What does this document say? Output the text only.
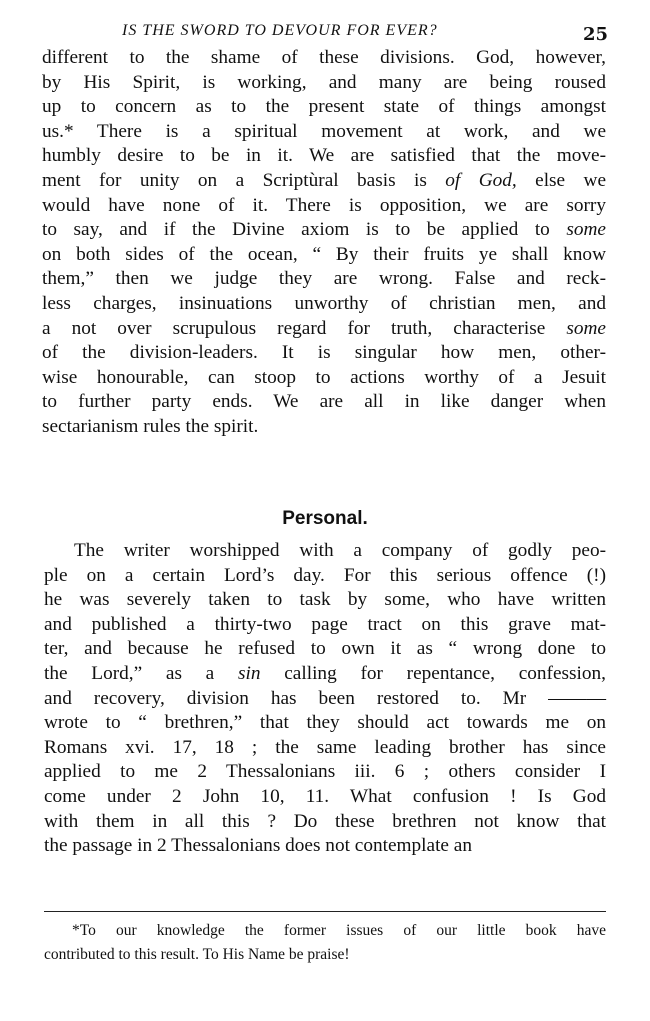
IS THE SWORD TO DEVOUR FOR EVER?	25
different to the shame of these divisions. God, however,
by His Spirit, is working, and many are being roused
up to concern as to the present state of things amongst
us.* There is a spiritual movement at work, and we
humbly desire to be in it. We are satisfied that the move-
ment for unity on a Scriptùral basis is of God, else we
would have none of it. There is opposition, we are sorry
to say, and if the Divine axiom is to be applied to some
on both sides of the ocean, “ By their fruits ye shall know
them,” then we judge they are wrong. False and reck-
less charges, insinuations unworthy of christian men, and
a not over scrupulous regard for truth, characterise some
of the division-leaders. It is singular how men, other-
wise honourable, can stoop to actions worthy of a Jesuit
to further party ends. We are all in like danger when
sectarianism rules the spirit.
Personal.
The writer worshipped with a company of godly peo-
ple on a certain Lord’s day. For this serious offence (!)
he was severely taken to task by some, who have written
and published a thirty-two page tract on this grave mat-
ter, and because he refused to own it as “ wrong done to
the Lord,” as a sin calling for repentance, confession,
and recovery, division has been restored to. Mr ———
wrote to “ brethren,” that they should act towards me on
Romans xvi. 17, 18 ; the same leading brother has since
applied to me 2 Thessalonians iii. 6 ; others consider I
come under 2 John 10, 11. What confusion ! Is God
with them in all this ? Do these brethren not know that
the passage in 2 Thessalonians does not contemplate an
*To our knowledge the former issues of our little book have
contributed to this result. To His Name be praise!
